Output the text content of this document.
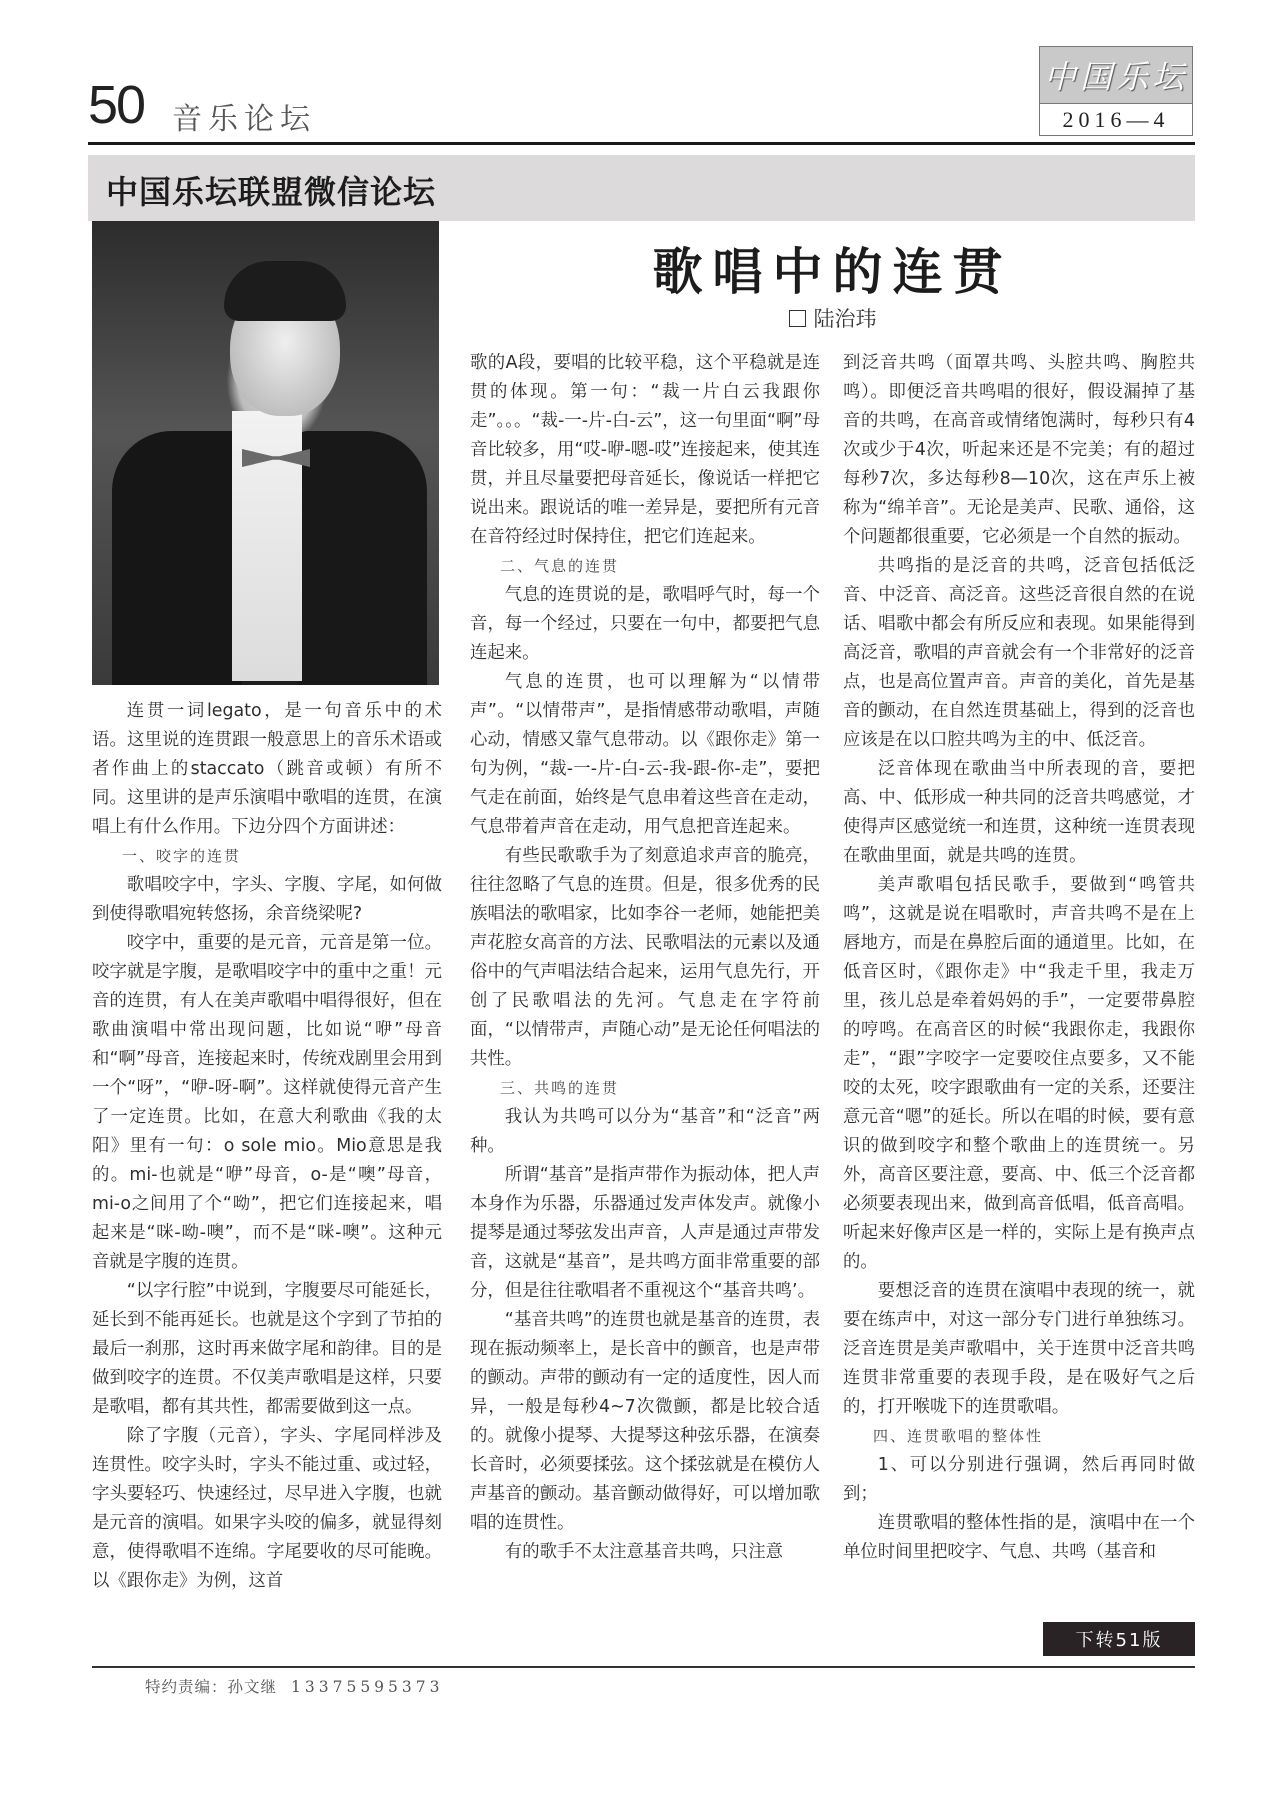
50 音乐论坛
中国乐坛
2016—4
中国乐坛联盟微信论坛
歌唱中的连贯
陆治玮

连贯一词legato，是一句音乐中的术语。这里说的连贯跟一般意思上的音乐术语或者作曲上的staccato（跳音或顿）有所不同。这里讲的是声乐演唱中歌唱的连贯，在演唱上有什么作用。下边分四个方面讲述：

一、咬字的连贯

歌唱咬字中，字头、字腹、字尾，如何做到使得歌唱宛转悠扬，余音绕梁呢?

咬字中，重要的是元音，元音是第一位。咬字就是字腹，是歌唱咬字中的重中之重！元音的连贯，有人在美声歌唱中唱得很好，但在歌曲演唱中常出现问题，比如说“咿”母音和“啊”母音，连接起来时，传统戏剧里会用到一个“呀”，“咿-呀-啊”。这样就使得元音产生了一定连贯。比如，在意大利歌曲《我的太阳》里有一句：o sole mio。Mio意思是我的。mi-也就是“咿”母音，o-是“噢”母音，mi-o之间用了个“呦”，把它们连接起来，唱起来是“咪-呦-噢”，而不是“咪-噢”。这种元音就是字腹的连贯。

“以字行腔”中说到，字腹要尽可能延长，延长到不能再延长。也就是这个字到了节拍的最后一刹那，这时再来做字尾和韵律。目的是做到咬字的连贯。不仅美声歌唱是这样，只要是歌唱，都有其共性，都需要做到这一点。

除了字腹（元音），字头、字尾同样涉及连贯性。咬字头时，字头不能过重、或过轻，字头要轻巧、快速经过，尽早进入字腹，也就是元音的演唱。如果字头咬的偏多，就显得刻意，使得歌唱不连绵。字尾要收的尽可能晚。以《跟你走》为例，这首

歌的A段，要唱的比较平稳，这个平稳就是连贯的体现。第一句：“裁一片白云我跟你走”。。。“裁-一-片-白-云”，这一句里面“啊”母音比较多，用“哎-咿-嗯-哎”连接起来，使其连贯，并且尽量要把母音延长，像说话一样把它说出来。跟说话的唯一差异是，要把所有元音在音符经过时保持住，把它们连起来。

二、气息的连贯

气息的连贯说的是，歌唱呼气时，每一个音，每一个经过，只要在一句中，都要把气息连起来。

气息的连贯，也可以理解为“以情带声”。“以情带声”，是指情感带动歌唱，声随心动，情感又靠气息带动。以《跟你走》第一句为例，“裁-一-片-白-云-我-跟-你-走”，要把气走在前面，始终是气息串着这些音在走动，气息带着声音在走动，用气息把音连起来。

有些民歌歌手为了刻意追求声音的脆亮，往往忽略了气息的连贯。但是，很多优秀的民族唱法的歌唱家，比如李谷一老师，她能把美声花腔女高音的方法、民歌唱法的元素以及通俗中的气声唱法结合起来，运用气息先行，开创了民歌唱法的先河。气息走在字符前面，“以情带声，声随心动”是无论任何唱法的共性。

三、共鸣的连贯

我认为共鸣可以分为“基音”和“泛音”两种。

所谓“基音”是指声带作为振动体，把人声本身作为乐器，乐器通过发声体发声。就像小提琴是通过琴弦发出声音，人声是通过声带发音，这就是“基音”，是共鸣方面非常重要的部分，但是往往歌唱者不重视这个“基音共鸣’。

“基音共鸣”的连贯也就是基音的连贯，表现在振动频率上，是长音中的颤音，也是声带的颤动。声带的颤动有一定的适度性，因人而异，一般是每秒4~7次微颤，都是比较合适的。就像小提琴、大提琴这种弦乐器，在演奏长音时，必须要揉弦。这个揉弦就是在模仿人声基音的颤动。基音颤动做得好，可以增加歌唱的连贯性。

有的歌手不太注意基音共鸣，只注意

到泛音共鸣（面罩共鸣、头腔共鸣、胸腔共鸣）。即便泛音共鸣唱的很好，假设漏掉了基音的共鸣，在高音或情绪饱满时，每秒只有4次或少于4次，听起来还是不完美；有的超过每秒7次，多达每秒8—10次，这在声乐上被称为“绵羊音”。无论是美声、民歌、通俗，这个问题都很重要，它必须是一个自然的振动。

共鸣指的是泛音的共鸣，泛音包括低泛音、中泛音、高泛音。这些泛音很自然的在说话、唱歌中都会有所反应和表现。如果能得到高泛音，歌唱的声音就会有一个非常好的泛音点，也是高位置声音。声音的美化，首先是基音的颤动，在自然连贯基础上，得到的泛音也应该是在以口腔共鸣为主的中、低泛音。

泛音体现在歌曲当中所表现的音，要把高、中、低形成一种共同的泛音共鸣感觉，才使得声区感觉统一和连贯，这种统一连贯表现在歌曲里面，就是共鸣的连贯。

美声歌唱包括民歌手，要做到“鸣管共鸣”，这就是说在唱歌时，声音共鸣不是在上唇地方，而是在鼻腔后面的通道里。比如，在低音区时，《跟你走》中“我走千里，我走万里，孩儿总是牵着妈妈的手”，一定要带鼻腔的哼鸣。在高音区的时候“我跟你走，我跟你走”，“跟”字咬字一定要咬住点要多，又不能咬的太死，咬字跟歌曲有一定的关系，还要注意元音“嗯”的延长。所以在唱的时候，要有意识的做到咬字和整个歌曲上的连贯统一。另外，高音区要注意，要高、中、低三个泛音都必须要表现出来，做到高音低唱，低音高唱。听起来好像声区是一样的，实际上是有换声点的。

要想泛音的连贯在演唱中表现的统一，就要在练声中，对这一部分专门进行单独练习。泛音连贯是美声歌唱中，关于连贯中泛音共鸣连贯非常重要的表现手段，是在吸好气之后的，打开喉咙下的连贯歌唱。

四、连贯歌唱的整体性

1、可以分别进行强调，然后再同时做到；

连贯歌唱的整体性指的是，演唱中在一个单位时间里把咬字、气息、共鸣（基音和

下转51版
特约责编：孙文继 13375595373
